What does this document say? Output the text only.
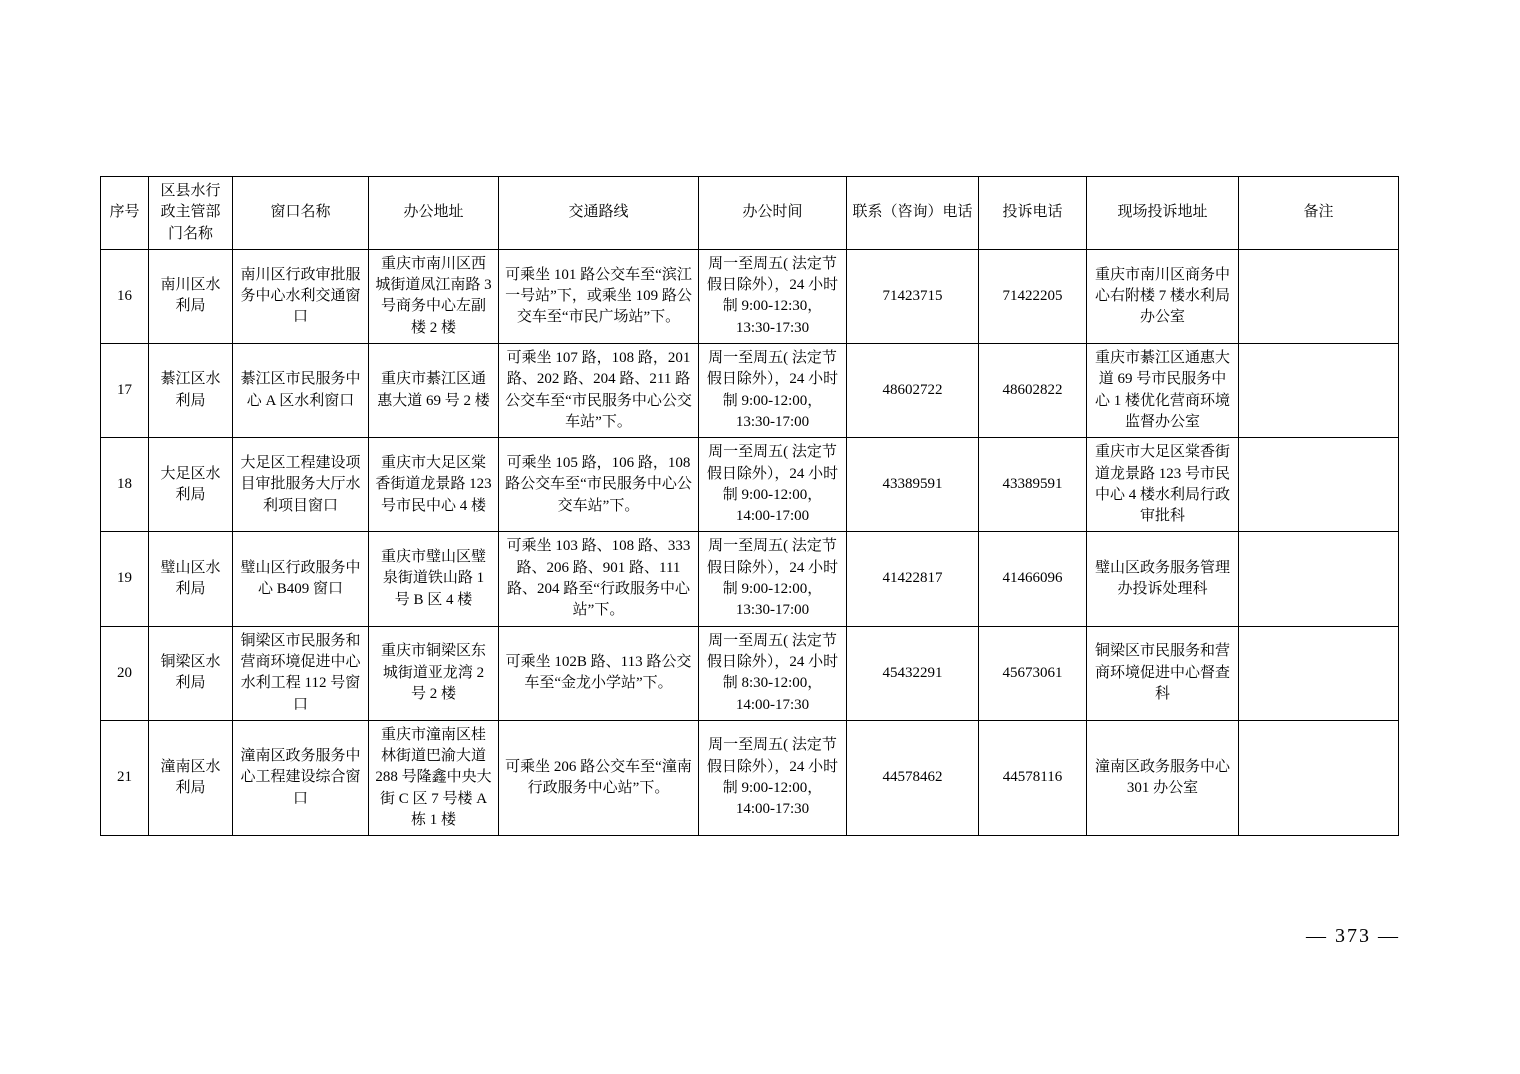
序号	区县水行政主管部门名称	窗口名称	办公地址	交通路线	办公时间	联系（咨询）电话	投诉电话	现场投诉地址	备注
16	南川区水利局	南川区行政审批服务中心水利交通窗口	重庆市南川区西城街道凤江南路 3 号商务中心左副楼 2 楼	可乘坐 101 路公交车至“滨江一号站”下，或乘坐 109 路公交车至“市民广场站”下。	周一至周五( 法定节假日除外），24 小时制 9:00-12:30，13:30-17:30	71423715	71422205	重庆市南川区商务中心右附楼 7 楼水利局办公室	
17	綦江区水利局	綦江区市民服务中心 A 区水利窗口	重庆市綦江区通惠大道 69 号 2 楼	可乘坐 107 路，108 路，201 路、202 路、204 路、211 路公交车至“市民服务中心公交车站”下。	周一至周五( 法定节假日除外），24 小时制 9:00-12:00，13:30-17:00	48602722	48602822	重庆市綦江区通惠大道 69 号市民服务中心 1 楼优化营商环境监督办公室	
18	大足区水利局	大足区工程建设项目审批服务大厅水利项目窗口	重庆市大足区棠香街道龙景路 123 号市民中心 4 楼	可乘坐 105 路，106 路，108 路公交车至“市民服务中心公交车站”下。	周一至周五( 法定节假日除外），24 小时制 9:00-12:00，14:00-17:00	43389591	43389591	重庆市大足区棠香街道龙景路 123 号市民中心 4 楼水利局行政审批科	
19	璧山区水利局	璧山区行政服务中心 B409 窗口	重庆市璧山区璧泉街道铁山路 1 号 B 区 4 楼	可乘坐 103 路、108 路、333 路、206 路、901 路、111 路、204 路至“行政服务中心站”下。	周一至周五( 法定节假日除外），24 小时制 9:00-12:00，13:30-17:00	41422817	41466096	璧山区政务服务管理办投诉处理科	
20	铜梁区水利局	铜梁区市民服务和营商环境促进中心水利工程 112 号窗口	重庆市铜梁区东城街道亚龙湾 2 号 2 楼	可乘坐 102B 路、113 路公交车至“金龙小学站”下。	周一至周五( 法定节假日除外），24 小时制 8:30-12:00，14:00-17:30	45432291	45673061	铜梁区市民服务和营商环境促进中心督查科	
21	潼南区水利局	潼南区政务服务中心工程建设综合窗口	重庆市潼南区桂林街道巴渝大道 288 号隆鑫中央大街 C 区 7 号楼 A 栋 1 楼	可乘坐 206 路公交车至“潼南行政服务中心站”下。	周一至周五( 法定节假日除外），24 小时制 9:00-12:00，14:00-17:30	44578462	44578116	潼南区政务服务中心 301 办公室	
— 373 —
